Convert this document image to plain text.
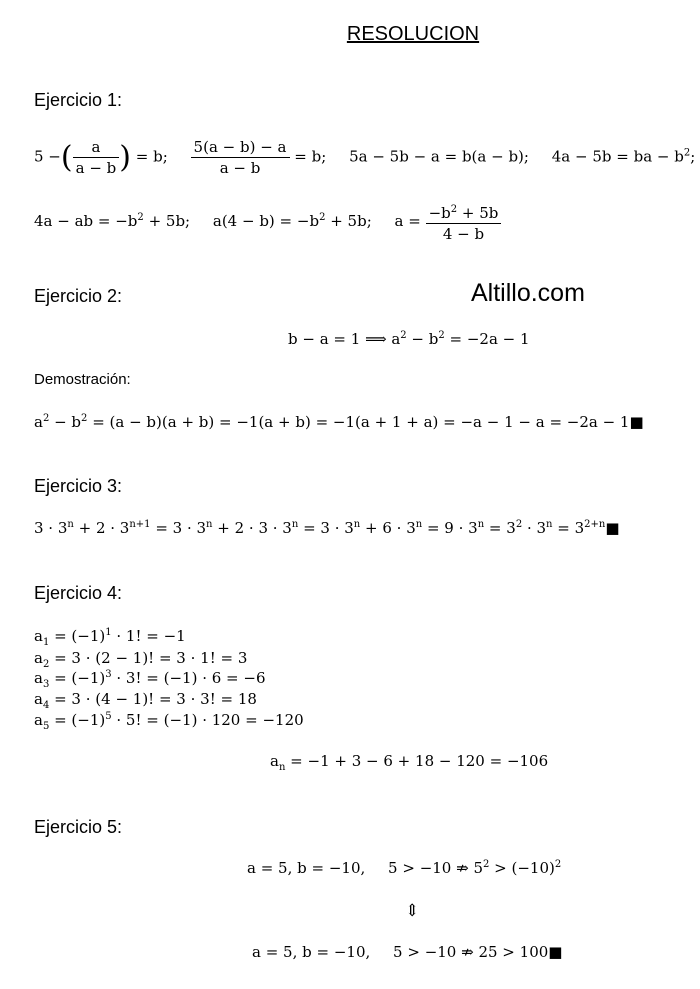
RESOLUCION
Altillo.com
Ejercicio 1:
5 −( $\frac{a}{a - b}$ ) = b; $\frac{5(a - b) - a}{a - b} = b$; 5a − 5b − a = b(a − b); 4a − 5b = ba − $b^2$;
4a − ab = $-b^2 + 5b$; $a(4 - b) = -b^2 + 5b$; $a = \frac{-b^2 + 5b}{4 - b}$
Ejercicio 2:
b − a = 1 ⟹ $a^2 - b^2 = -2a - 1$
Demostración:
$a^2 - b^2 = (a - b)(a + b) = -1(a + b) = -1(a + 1 + a) = -a - 1 - a = -2a$ − 1■
Ejercicio 3:
$3 \cdot 3^n + 2 \cdot 3^{n+1} = 3 \cdot 3^n + 2 \cdot 3 \cdot 3^n = 3 \cdot 3^n + 6 \cdot 3^n = 9 \cdot 3^n = 3^2 \cdot 3^n$ = $3^{2+n}■$
Ejercicio 4:
$a_1 = (-1)^1 \cdot 1$! = −1
$a_2 = 3 \cdot (2 - 1)$! = 3 · 1! = 3
$a_3 = (-1)^3 \cdot 3$! = (−1) · 6 = −6
$a_4 = 3 \cdot (4 - 1)$! = 3 · 3! = 18
$a_5 = (-1)^5 \cdot 5$! = (−1) · 120 = −120
$a_n = -1 + 3 - 6 + 18 - 120 = -106$
Ejercicio 5:
a = 5, b = −10, 5 > −10 ⇏ $5^2 > (-10)^2$
⇕
a = 5, b = −10, 5 > −10 ⇏ 25 > 100■
